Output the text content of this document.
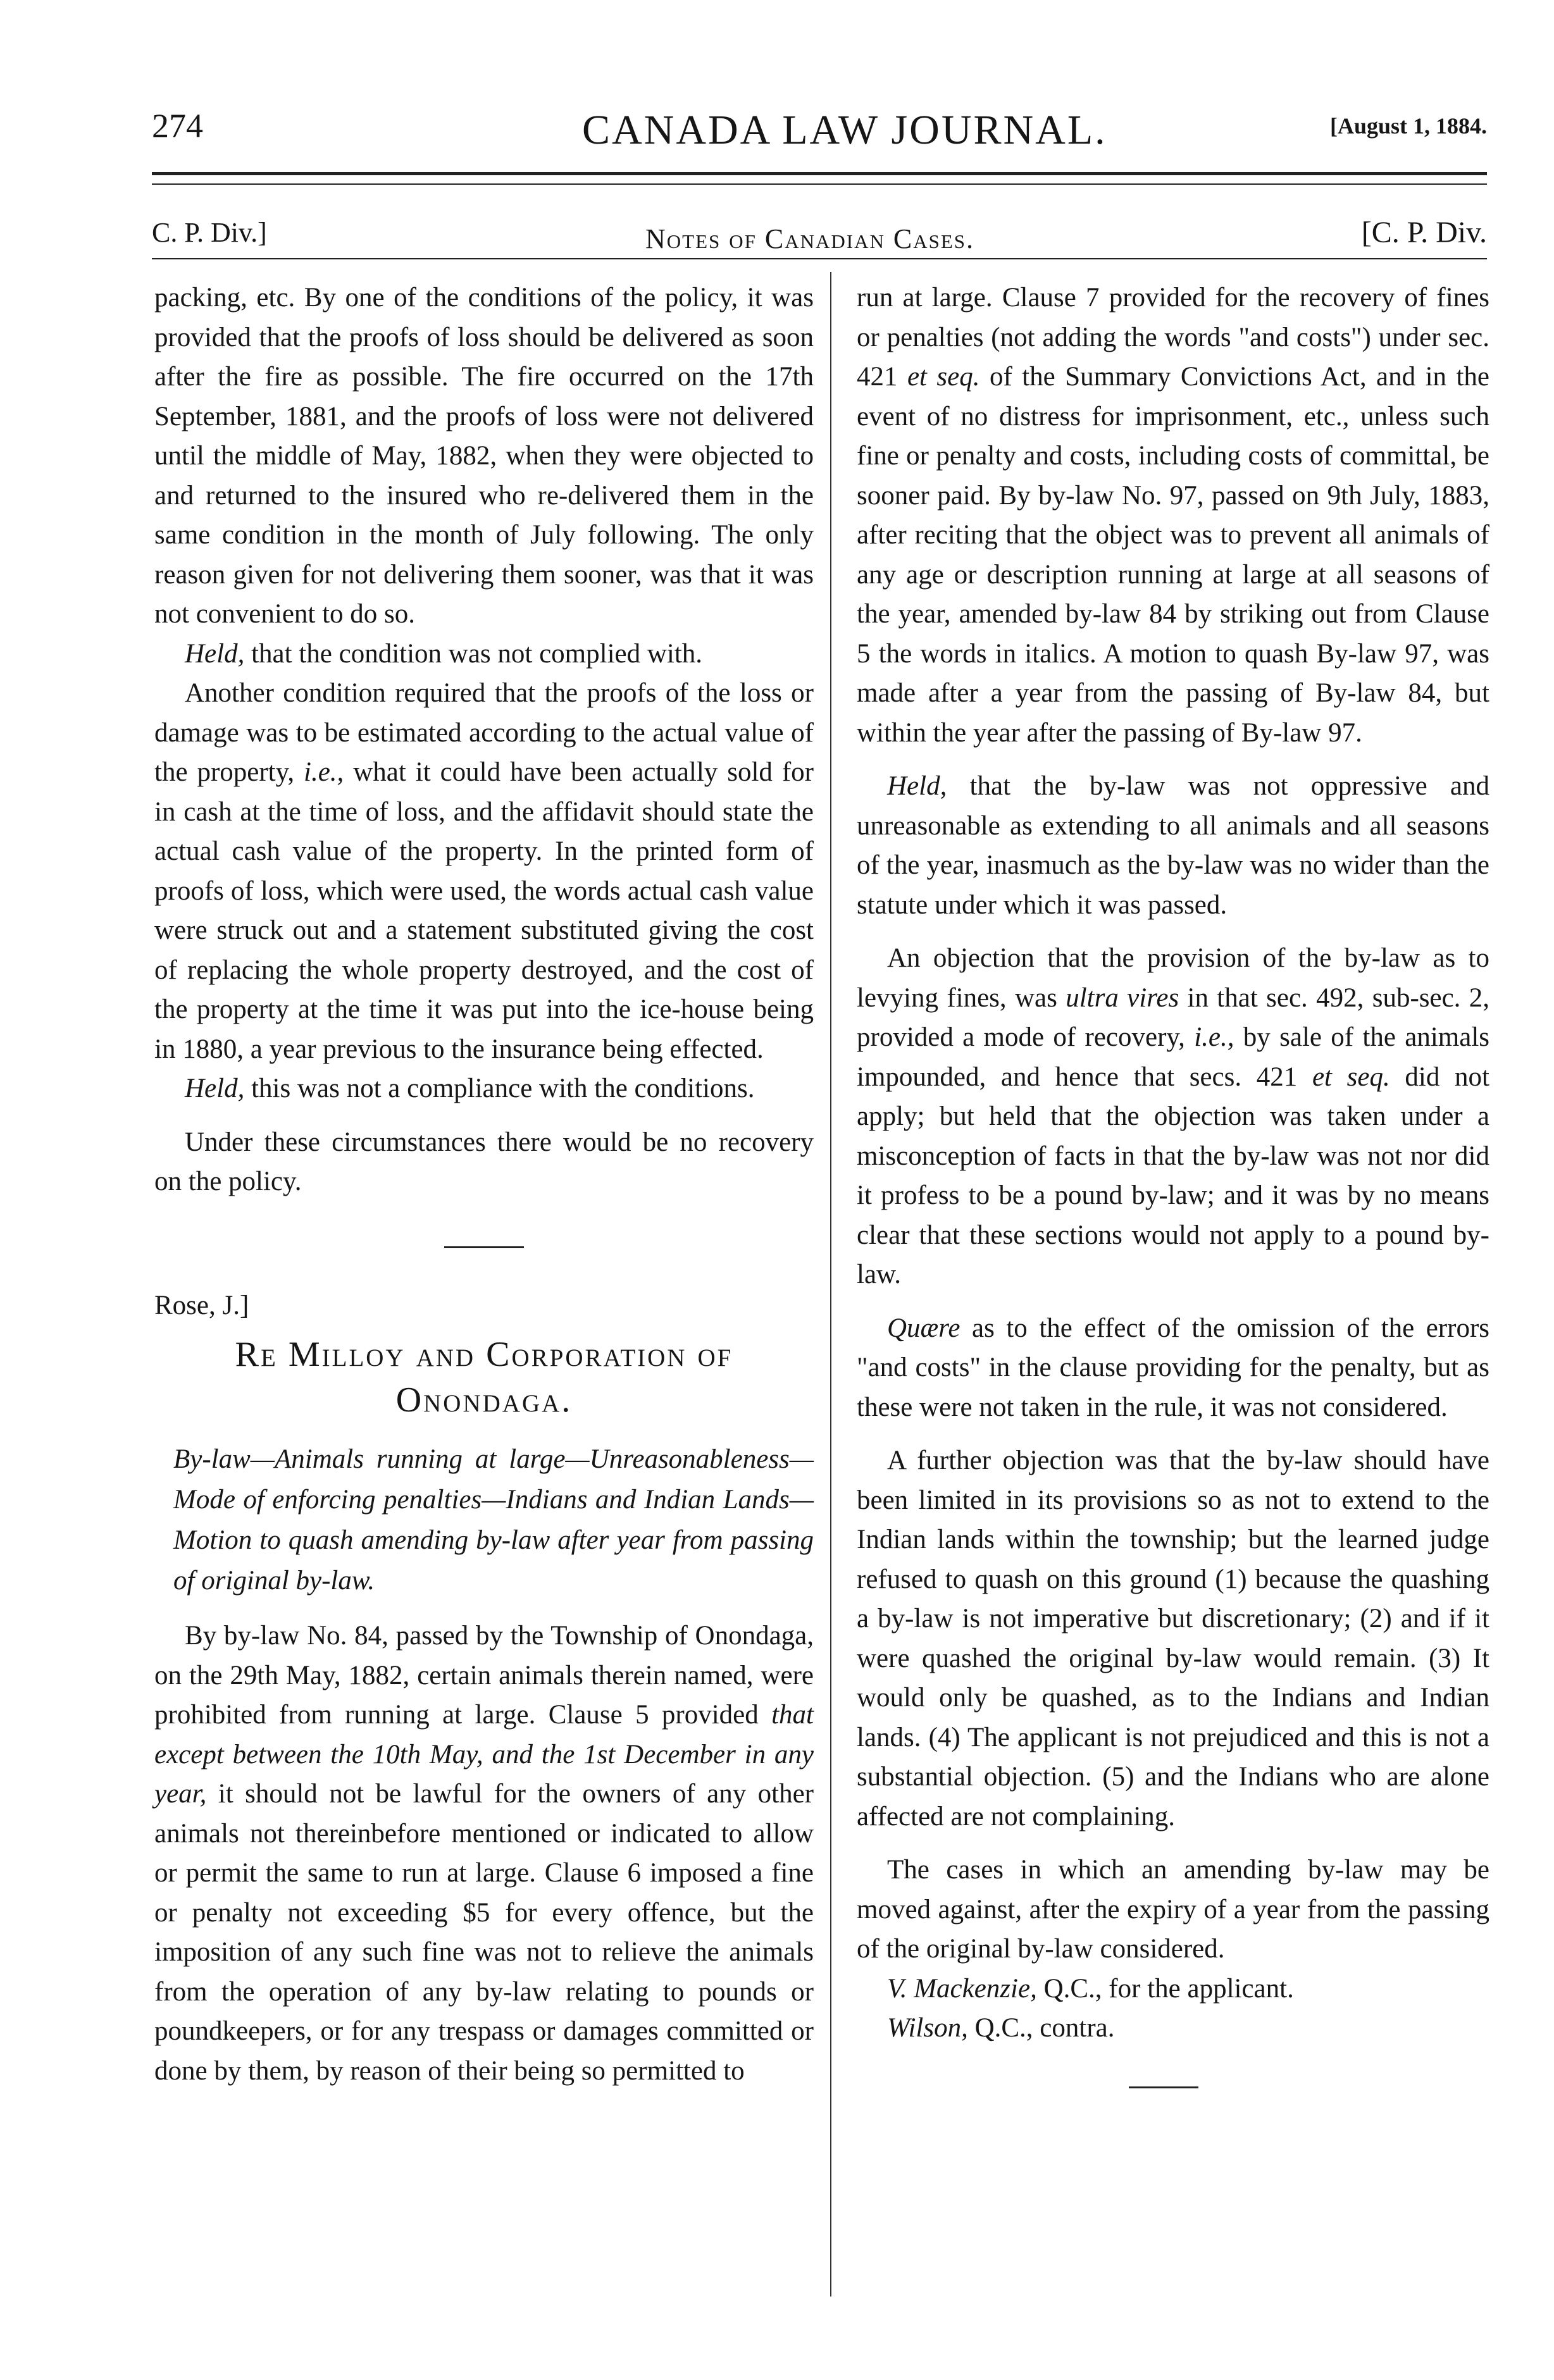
274	CANADA LAW JOURNAL.	[August 1, 1884.
C. P. Div.]	Notes of Canadian Cases.	[C. P. Div.

packing, etc. By one of the conditions of the policy, it was provided that the proofs of loss should be delivered as soon after the fire as possible. The fire occurred on the 17th September, 1881, and the proofs of loss were not delivered until the middle of May, 1882, when they were objected to and returned to the insured who re-delivered them in the same condition in the month of July following. The only reason given for not delivering them sooner, was that it was not convenient to do so.

Held, that the condition was not complied with.

Another condition required that the proofs of the loss or damage was to be estimated according to the actual value of the property, i.e., what it could have been actually sold for in cash at the time of loss, and the affidavit should state the actual cash value of the property. In the printed form of proofs of loss, which were used, the words actual cash value were struck out and a statement substituted giving the cost of replacing the whole property destroyed, and the cost of the property at the time it was put into the ice-house being in 1880, a year previous to the insurance being effected.

Held, this was not a compliance with the conditions.

Under these circumstances there would be no recovery on the policy.

Rose, J.]

Re Milloy and Corporation of Onondaga.

By-law—Animals running at large—Unreasonableness—Mode of enforcing penalties—Indians and Indian Lands—Motion to quash amending by-law after year from passing of original by-law.

By by-law No. 84, passed by the Township of Onondaga, on the 29th May, 1882, certain animals therein named, were prohibited from running at large. Clause 5 provided that except between the 10th May, and the 1st December in any year, it should not be lawful for the owners of any other animals not thereinbefore mentioned or indicated to allow or permit the same to run at large. Clause 6 imposed a fine or penalty not exceeding $5 for every offence, but the imposition of any such fine was not to relieve the animals from the operation of any by-law relating to pounds or poundkeepers, or for any trespass or damages committed or done by them, by reason of their being so permitted to

run at large. Clause 7 provided for the recovery of fines or penalties (not adding the words "and costs") under sec. 421 et seq. of the Summary Convictions Act, and in the event of no distress for imprisonment, etc., unless such fine or penalty and costs, including costs of committal, be sooner paid. By by-law No. 97, passed on 9th July, 1883, after reciting that the object was to prevent all animals of any age or description running at large at all seasons of the year, amended by-law 84 by striking out from Clause 5 the words in italics. A motion to quash By-law 97, was made after a year from the passing of By-law 84, but within the year after the passing of By-law 97.

Held, that the by-law was not oppressive and unreasonable as extending to all animals and all seasons of the year, inasmuch as the by-law was no wider than the statute under which it was passed.

An objection that the provision of the by-law as to levying fines, was ultra vires in that sec. 492, sub-sec. 2, provided a mode of recovery, i.e., by sale of the animals impounded, and hence that secs. 421 et seq. did not apply; but held that the objection was taken under a misconception of facts in that the by-law was not nor did it profess to be a pound by-law; and it was by no means clear that these sections would not apply to a pound by-law.

Quære as to the effect of the omission of the errors "and costs" in the clause providing for the penalty, but as these were not taken in the rule, it was not considered.

A further objection was that the by-law should have been limited in its provisions so as not to extend to the Indian lands within the township; but the learned judge refused to quash on this ground (1) because the quashing a by-law is not imperative but discretionary; (2) and if it were quashed the original by-law would remain. (3) It would only be quashed, as to the Indians and Indian lands. (4) The applicant is not prejudiced and this is not a substantial objection. (5) and the Indians who are alone affected are not complaining.

The cases in which an amending by-law may be moved against, after the expiry of a year from the passing of the original by-law considered.

V. Mackenzie, Q.C., for the applicant.

Wilson, Q.C., contra.
